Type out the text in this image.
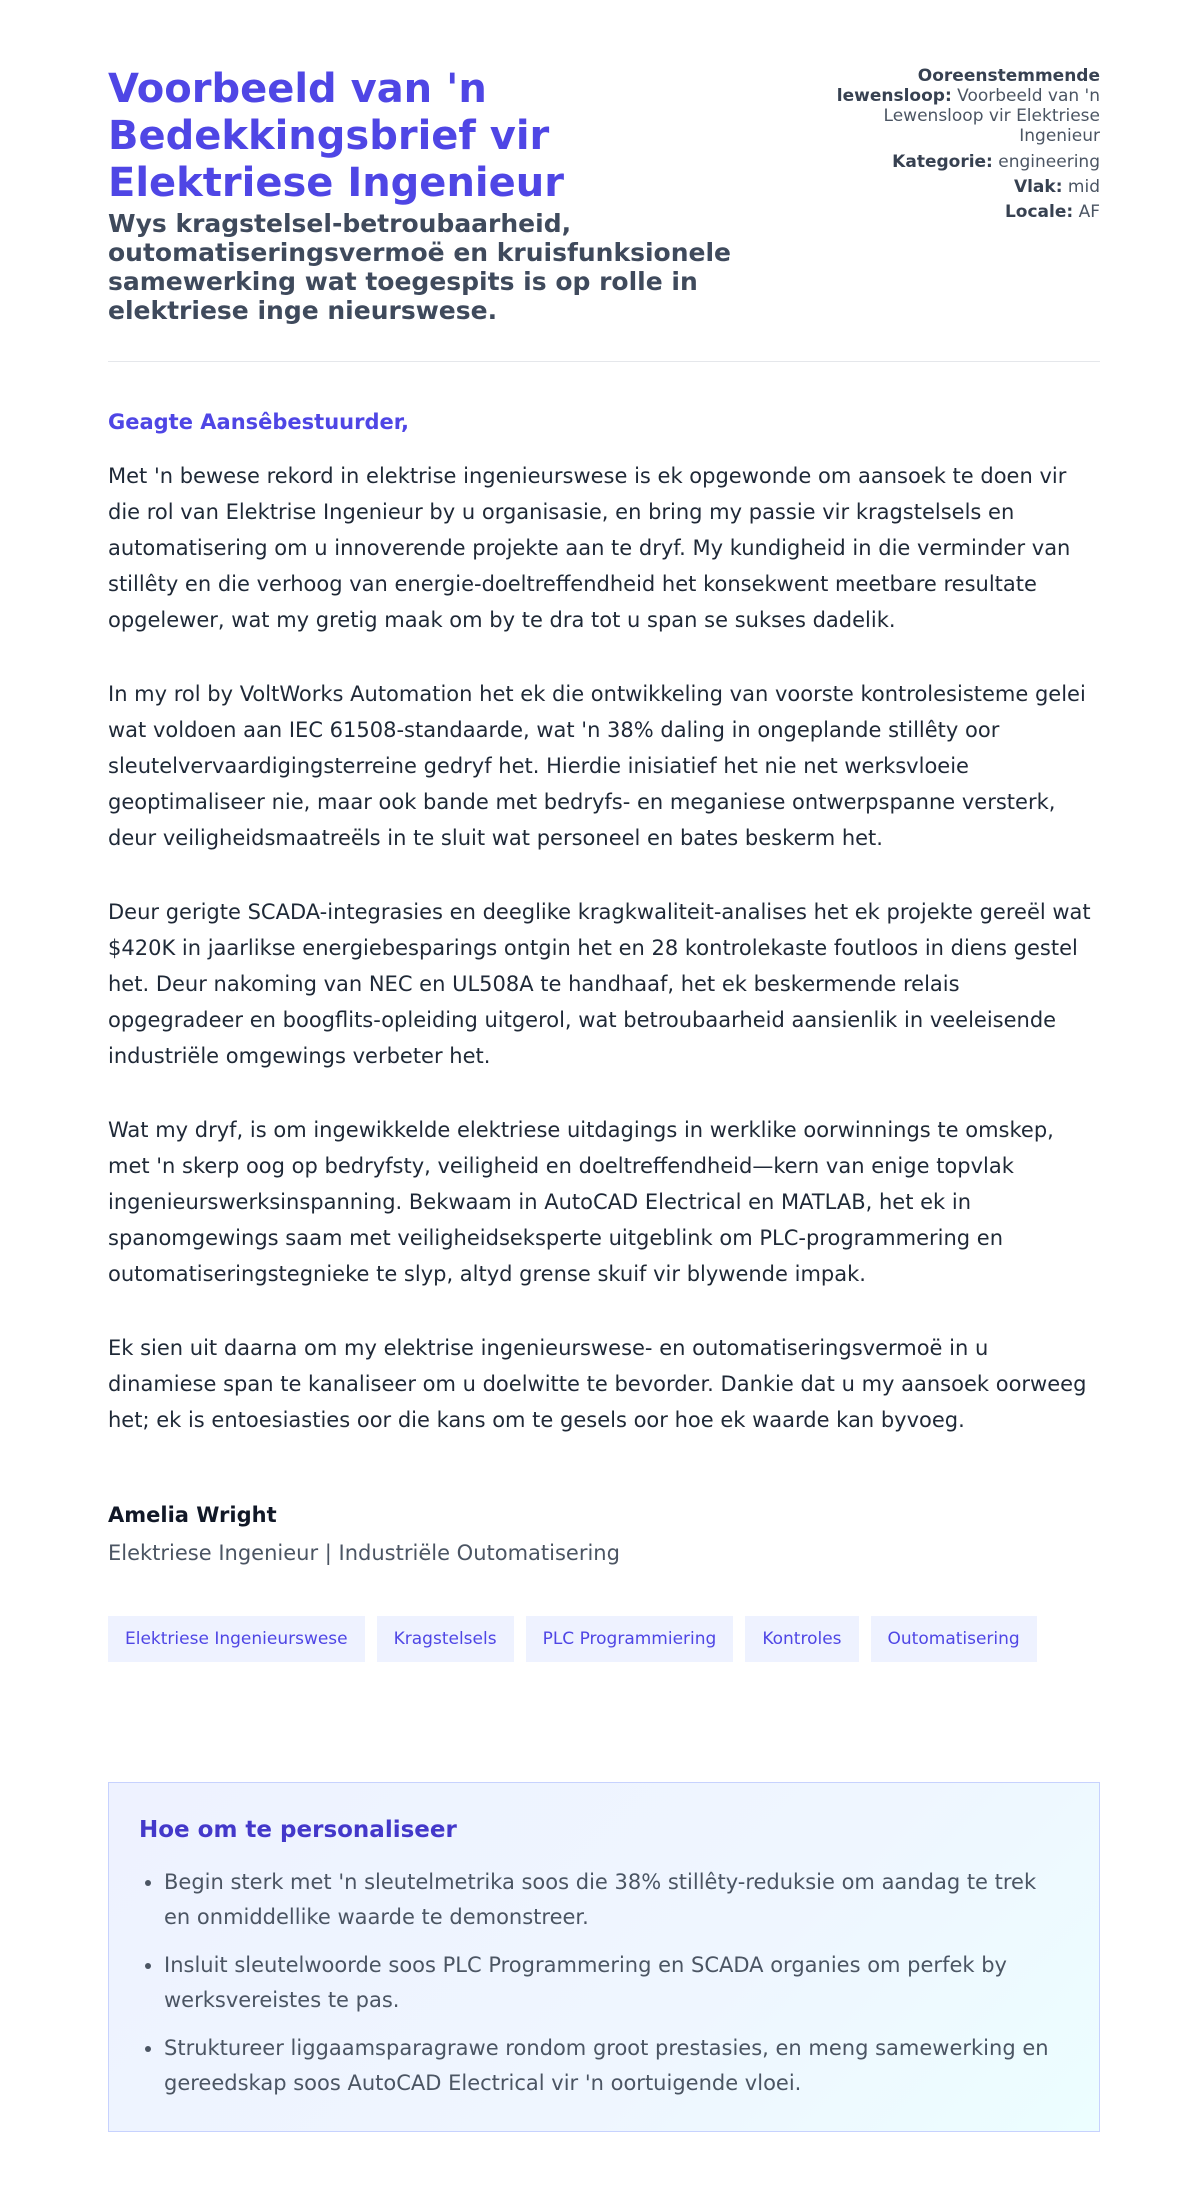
Voorbeeld van 'n Bedekkingsbrief vir Elektriese Ingenieur
Wys kragstelsel-betroubaarheid, outomatiseringsvermoë en kruisfunksionele samewerking wat toegespits is op rolle in elektriese inge nieurswese.
Ooreenstemmende lewensloop: Voorbeeld van 'n Lewensloop vir Elektriese Ingenieur
Kategorie: engineering
Vlak: mid
Locale: AF

Geagte Aansêbestuurder,

Met 'n bewese rekord in elektrise ingenieurswese is ek opgewonde om aansoek te doen vir die rol van Elektrise Ingenieur by u organisasie, en bring my passie vir kragstelsels en automatisering om u innoverende projekte aan te dryf. My kundigheid in die verminder van stillêty en die verhoog van energie-doeltreffendheid het konsekwent meetbare resultate opgelewer, wat my gretig maak om by te dra tot u span se sukses dadelik.

In my rol by VoltWorks Automation het ek die ontwikkeling van voorste kontrolesisteme gelei wat voldoen aan IEC 61508-standaarde, wat 'n 38% daling in ongeplande stillêty oor sleutelvervaardigingsterreine gedryf het. Hierdie inisiatief het nie net werksvloeie geoptimaliseer nie, maar ook bande met bedryfs- en meganiese ontwerpspanne versterk, deur veiligheidsmaatreëls in te sluit wat personeel en bates beskerm het.

Deur gerigte SCADA-integrasies en deeglike kragkwaliteit-analises het ek projekte gereël wat $420K in jaarlikse energiebesparings ontgin het en 28 kontrolekaste foutloos in diens gestel het. Deur nakoming van NEC en UL508A te handhaaf, het ek beskermende relais opgegradeer en boogflits-opleiding uitgerol, wat betroubaarheid aansienlik in veeleisende industriële omgewings verbeter het.

Wat my dryf, is om ingewikkelde elektriese uitdagings in werklike oorwinnings te omskep, met 'n skerp oog op bedryfsty, veiligheid en doeltreffendheid—kern van enige topvlak ingenieurswerksinspanning. Bekwaam in AutoCAD Electrical en MATLAB, het ek in spanomgewings saam met veiligheidseksperte uitgeblink om PLC-programmering en outomatiseringstegnieke te slyp, altyd grense skuif vir blywende impak.

Ek sien uit daarna om my elektrise ingenieurswese- en outomatiseringsvermoë in u dinamiese span te kanaliseer om u doelwitte te bevorder. Dankie dat u my aansoek oorweeg het; ek is entoesiasties oor die kans om te gesels oor hoe ek waarde kan byvoeg.

Amelia Wright
Elektriese Ingenieur | Industriële Outomatisering
Elektriese Ingenieurswese	Kragstelsels	PLC Programmiering	Kontroles	Outomatisering
Hoe om te personaliseer
• Begin sterk met 'n sleutelmetrika soos die 38% stillêty-reduksie om aandag te trek en onmiddellike waarde te demonstreer.
• Insluit sleutelwoorde soos PLC Programmering en SCADA organies om perfek by werksvereistes te pas.
• Struktureer liggaamsparagrawe rondom groot prestasies, en meng samewerking en gereedskap soos AutoCAD Electrical vir 'n oortuigende vloei.
